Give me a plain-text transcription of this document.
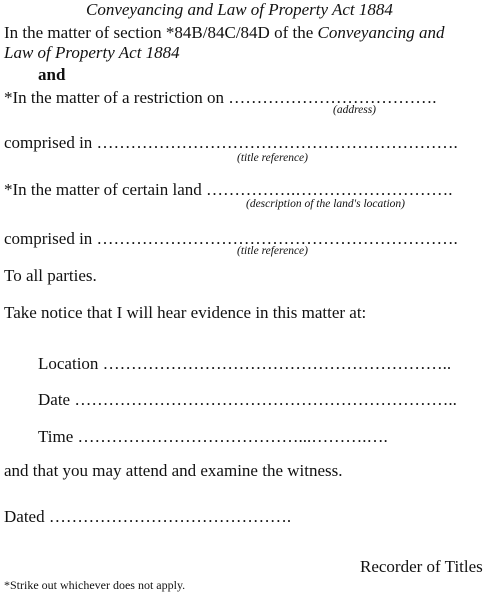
Conveyancing and Law of Property Act 1884
In the matter of section *84B/84C/84D of the Conveyancing and
Law of Property Act 1884
and
*In the matter of a restriction on ……………………………….
(address)
comprised in ……………………………………………………….
(title reference)
*In the matter of certain land …………….……………………….
(description of the land's location)
comprised in ……………………………………………………….
(title reference)
To all parties.
Take notice that I will hear evidence in this matter at:
Location ……………………………………………………..
Date …………………………………………………………..
Time …………………………………...……….….
and that you may attend and examine the witness.
Dated …………………………………….
Recorder of Titles
*Strike out whichever does not apply.
